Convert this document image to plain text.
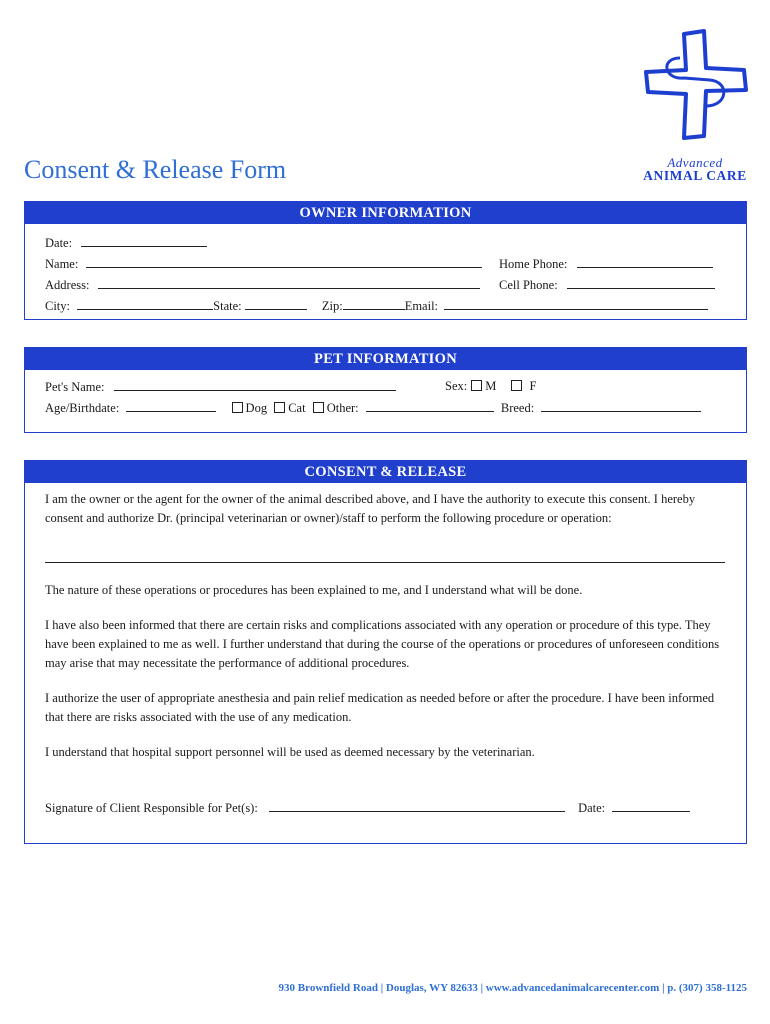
Advanced
ANIMAL CARE
Consent & Release Form
OWNER INFORMATION
Date:
Name:	Home Phone:
Address:	Cell Phone:
City:	State:	Zip:	Email:
PET INFORMATION
Pet's Name:	Sex: M	F
Age/Birthdate:	Dog Cat Other:	Breed:
CONSENT & RELEASE
I am the owner or the agent for the owner of the animal described above, and I have the authority to execute this consent. I hereby consent and authorize Dr. (principal veterinarian or owner)/staff to perform the following procedure or operation:
The nature of these operations or procedures has been explained to me, and I understand what will be done.
I have also been informed that there are certain risks and complications associated with any operation or procedure of this type. They have been explained to me as well. I further understand that during the course of the operations or procedures of unforeseen conditions may arise that may necessitate the performance of additional procedures.
I authorize the user of appropriate anesthesia and pain relief medication as needed before or after the procedure. I have been informed that there are risks associated with the use of any medication.
I understand that hospital support personnel will be used as deemed necessary by the veterinarian.
Signature of Client Responsible for Pet(s):	Date:
930 Brownfield Road | Douglas, WY 82633 | www.advancedanimalcarecenter.com | p. (307) 358-1125
